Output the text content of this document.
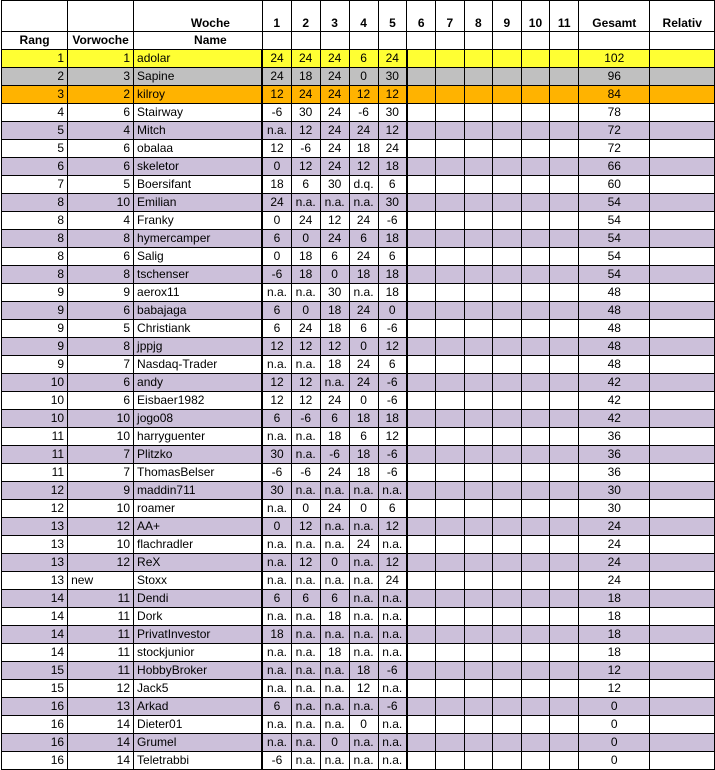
		Woche	1	2	3	4	5	6	7	8	9	10	11	Gesamt	Relativ
Rang	Vorwoche	Name													
1	1	adolar	24	24	24	6	24							102	
2	3	Sapine	24	18	24	0	30							96	
3	2	kilroy	12	24	24	12	12							84	
4	6	Stairway	-6	30	24	-6	30							78	
5	4	Mitch	n.a.	12	24	24	12							72	
5	6	obalaa	12	-6	24	18	24							72	
6	6	skeletor	0	12	24	12	18							66	
7	5	Boersifant	18	6	30	d.q.	6							60	
8	10	Emilian	24	n.a.	n.a.	n.a.	30							54	
8	4	Franky	0	24	12	24	-6							54	
8	8	hymercamper	6	0	24	6	18							54	
8	6	Salig	0	18	6	24	6							54	
8	8	tschenser	-6	18	0	18	18							54	
9	9	aerox11	n.a.	n.a.	30	n.a.	18							48	
9	6	babajaga	6	0	18	24	0							48	
9	5	Christiank	6	24	18	6	-6							48	
9	8	jppjg	12	12	12	0	12							48	
9	7	Nasdaq-Trader	n.a.	n.a.	18	24	6							48	
10	6	andy	12	12	n.a.	24	-6							42	
10	6	Eisbaer1982	12	12	24	0	-6							42	
10	10	jogo08	6	-6	6	18	18							42	
11	10	harryguenter	n.a.	n.a.	18	6	12							36	
11	7	Plitzko	30	n.a.	-6	18	-6							36	
11	7	ThomasBelser	-6	-6	24	18	-6							36	
12	9	maddin711	30	n.a.	n.a.	n.a.	n.a.							30	
12	10	roamer	n.a.	0	24	0	6							30	
13	12	AA+	0	12	n.a.	n.a.	12							24	
13	10	flachradler	n.a.	n.a.	n.a.	24	n.a.							24	
13	12	ReX	n.a.	12	0	n.a.	12							24	
13	new	Stoxx	n.a.	n.a.	n.a.	n.a.	24							24	
14	11	Dendi	6	6	6	n.a.	n.a.							18	
14	11	Dork	n.a.	n.a.	18	n.a.	n.a.							18	
14	11	PrivatInvestor	18	n.a.	n.a.	n.a.	n.a.							18	
14	11	stockjunior	n.a.	n.a.	18	n.a.	n.a.							18	
15	11	HobbyBroker	n.a.	n.a.	n.a.	18	-6							12	
15	12	Jack5	n.a.	n.a.	n.a.	12	n.a.							12	
16	13	Arkad	6	n.a.	n.a.	n.a.	-6							0	
16	14	Dieter01	n.a.	n.a.	n.a.	0	n.a.							0	
16	14	Grumel	n.a.	n.a.	0	n.a.	n.a.							0	
16	14	Teletrabbi	-6	n.a.	n.a.	n.a.	n.a.							0	
